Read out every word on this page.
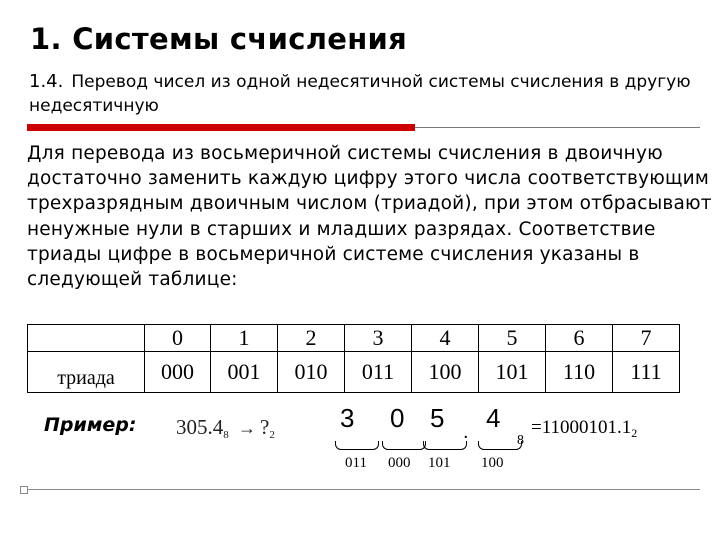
1. Системы счисления
1.4. Перевод чисел из одной недесятичной системы счисления в другую недесятичную
Для перевода из восьмеричной системы счисления в двоичную достаточно заменить каждую цифру этого числа соответствующим трехразрядным двоичным числом (триадой), при этом отбрасывают ненужные нули в старших и младших разрядах. Соответствие триады цифре в восьмеричной системе счисления указаны в следующей таблице:
	0	1	2	3	4	5	6	7
триада	000	001	010	011	100	101	110	111
Пример: $305.4_8$ → $?_2$
3 0 5 . 4
011 000 101 100
8
$=11000101.1_2$
